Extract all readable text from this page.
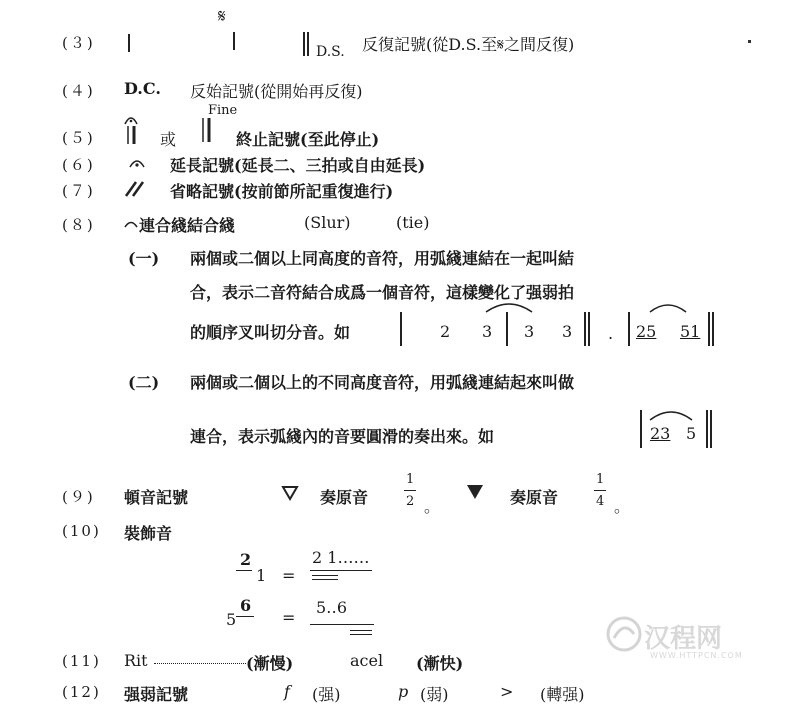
(３)
𝄋
D.S. 反復記號(從D.S.至𝄋之間反復)
(４) D.C. 反始記號(從開始再反復)
Fine
(５)	或	終止記號(至此停止)
(６)	延長記號(延長二、三拍或自由延長)
(７)	省略記號(按前節所記重復進行)
(８)	連合綫結合綫	(Slur)	(tie)
(一) 兩個或二個以上同高度的音符，用弧綫連結在一起叫結
合，表示二音符結合成爲一個音符，這樣變化了强弱拍
的順序叉叫切分音。如	2 3 3 3 . 25 51
(二) 兩個或二個以上的不同高度音符，用弧綫連結起來叫做
連合，表示弧綫內的音要圓滑的奏出來。如	23 5
(９) 頓音記號	奏原音
1
2 。	奏原音
1
4 。
(10) 裝飾音
2
1 =
2 1……
5
6
=
5‥6
(11) Rit	(漸慢)	acel (漸快)
(12) 强弱記號	f (强)	p (弱)	> (轉强)
汉程网
WWW.HTTPCN.COM
